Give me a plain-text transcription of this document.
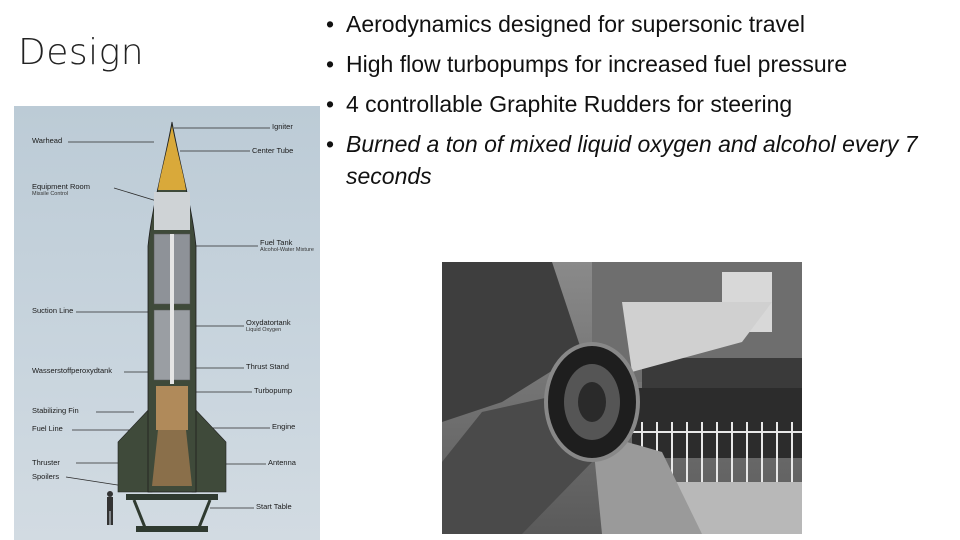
Design
• Aerodynamics designed for supersonic travel
• High flow turbopumps for increased fuel pressure
• 4 controllable Graphite Rudders for steering
• Burned a ton of mixed liquid oxygen and alcohol every 7 seconds
Warhead
Equipment Room
Missile Control
Suction Line
Wasserstoffperoxydtank
Stabilizing Fin
Fuel Line
Thruster
Spoilers
Igniter
Center Tube
Fuel Tank
Alcohol-Water Mixture
Oxydatortank
Liquid Oxygen
Thrust Stand
Turbopump
Engine
Antenna
Start Table
